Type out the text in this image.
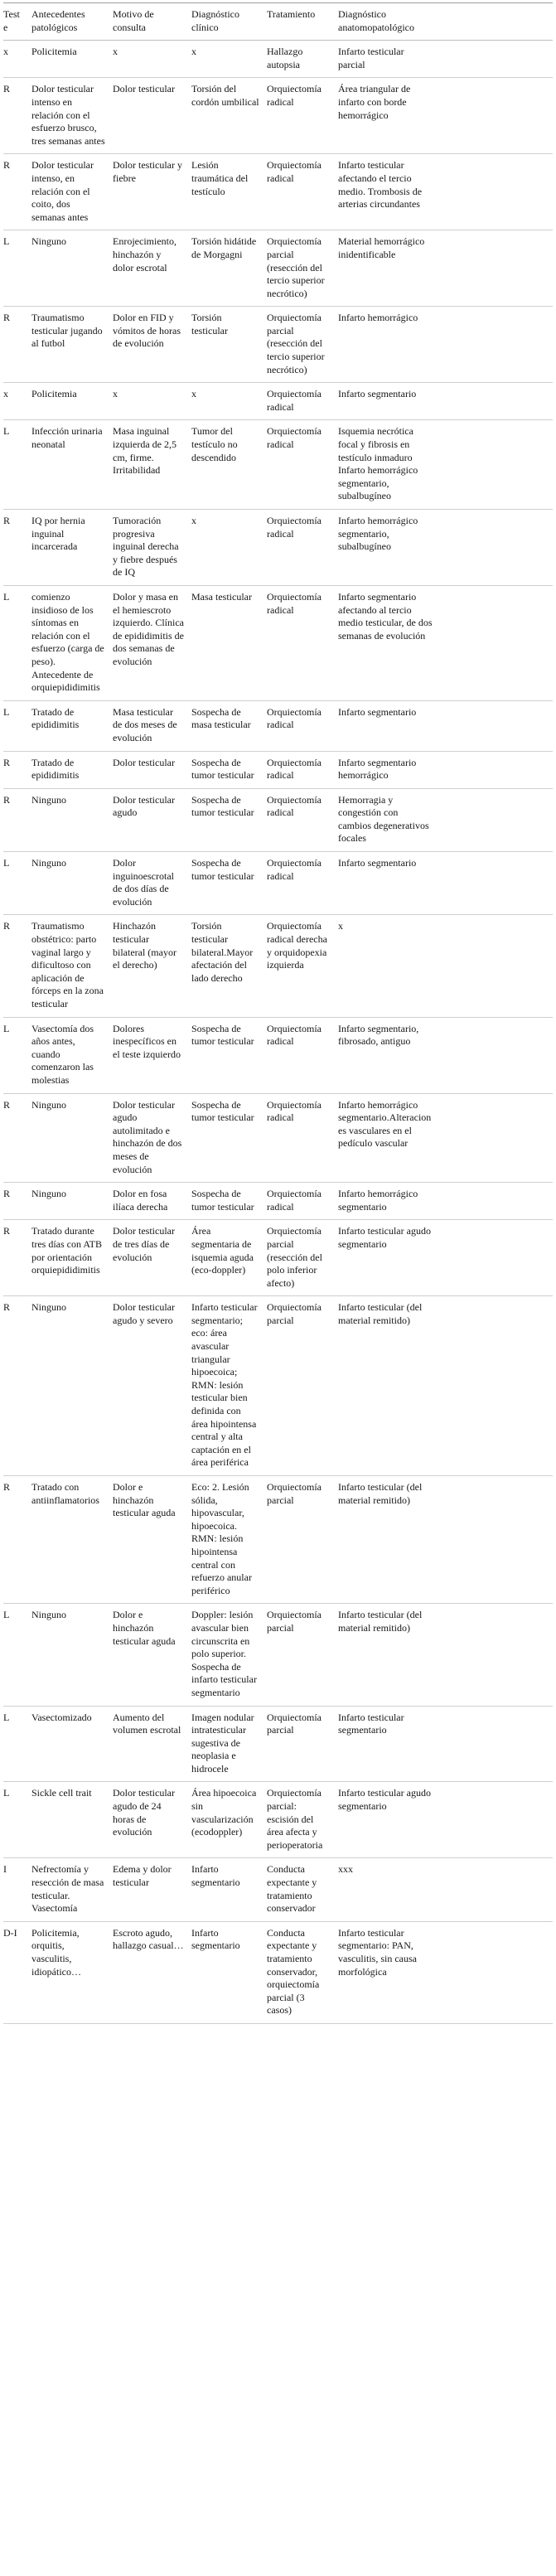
Teste	Antecedentes patológicos	Motivo de consulta	Diagnóstico clínico	Tratamiento	Diagnóstico anatomopatológico	
x	Policitemia	x	x	Hallazgo autopsia	Infarto testicular parcial	
R	Dolor testicular intenso en relación con el esfuerzo brusco, tres semanas antes	Dolor testicular	Torsión del cordón umbilical	Orquiectomía radical	Área triangular de infarto con borde hemorrágico	
R	Dolor testicular intenso, en relación con el coito, dos semanas antes	Dolor testicular y fiebre	Lesión traumática del testículo	Orquiectomía radical	Infarto testicular afectando el tercio medio. Trombosis de arterias circundantes	
L	Ninguno	Enrojecimiento, hinchazón y dolor escrotal	Torsión hidátide de Morgagni	Orquiectomía parcial (resección del tercio superior necrótico)	Material hemorrágico inidentificable	
R	Traumatismo testicular jugando al futbol	Dolor en FID y vómitos de horas de evolución	Torsión testicular	Orquiectomía parcial (resección del tercio superior necrótico)	Infarto hemorrágico	
x	Policitemia	x	x	Orquiectomía radical	Infarto segmentario	
L	Infección urinaria neonatal	Masa inguinal izquierda de 2,5 cm, firme. Irritabilidad	Tumor del testículo no descendido	Orquiectomía radical	Isquemia necrótica focal y fibrosis en testículo inmaduro Infarto hemorrágico segmentario, subalbugíneo	
R	IQ por hernia inguinal incarcerada	Tumoración progresiva inguinal derecha y fiebre después de IQ	x	Orquiectomía radical	Infarto hemorrágico segmentario, subalbugíneo	
L	comienzo insidioso de los síntomas en relación con el esfuerzo (carga de peso). Antecedente de orquiepididimitis	Dolor y masa en el hemiescroto izquierdo. Clínica de epididimitis de dos semanas de evolución	Masa testicular	Orquiectomía radical	Infarto segmentario afectando al tercio medio testicular, de dos semanas de evolución	
L	Tratado de epididimitis	Masa testicular de dos meses de evolución	Sospecha de masa testicular	Orquiectomía radical	Infarto segmentario	
R	Tratado de epididimitis	Dolor testicular	Sospecha de tumor testicular	Orquiectomía radical	Infarto segmentario hemorrágico	
R	Ninguno	Dolor testicular agudo	Sospecha de tumor testicular	Orquiectomía radical	Hemorragia y congestión con cambios degenerativos focales	
L	Ninguno	Dolor inguinoescrotal de dos días de evolución	Sospecha de tumor testicular	Orquiectomía radical	Infarto segmentario	
R	Traumatismo obstétrico: parto vaginal largo y dificultoso con aplicación de fórceps en la zona testicular	Hinchazón testicular bilateral (mayor el derecho)	Torsión testicular bilateral.Mayor afectación del lado derecho	Orquiectomía radical derecha y orquidopexia izquierda	x	
L	Vasectomía dos años antes, cuando comenzaron las molestias	Dolores inespecíficos en el teste izquierdo	Sospecha de tumor testicular	Orquiectomía radical	Infarto segmentario, fibrosado, antiguo	
R	Ninguno	Dolor testicular agudo autolimitado e hinchazón de dos meses de evolución	Sospecha de tumor testicular	Orquiectomía radical	Infarto hemorrágico segmentario.Alteraciones vasculares en el pedículo vascular	
R	Ninguno	Dolor en fosa ilíaca derecha	Sospecha de tumor testicular	Orquiectomía radical	Infarto hemorrágico segmentario	
R	Tratado durante tres días con ATB por orientación orquiepididimitis	Dolor testicular de tres días de evolución	Área segmentaria de isquemia aguda (eco-doppler)	Orquiectomía parcial (resección del polo inferior afecto)	Infarto testicular agudo segmentario	
R	Ninguno	Dolor testicular agudo y severo	Infarto testicular segmentario; eco: área avascular triangular hipoecoica; RMN: lesión testicular bien definida con área hipointensa central y alta captación en el área periférica	Orquiectomía parcial	Infarto testicular (del material remitido)	
R	Tratado con antiinflamatorios	Dolor e hinchazón testicular aguda	Eco: 2. Lesión sólida, hipovascular, hipoecoica. RMN: lesión hipointensa central con refuerzo anular periférico	Orquiectomía parcial	Infarto testicular (del material remitido)	
L	Ninguno	Dolor e hinchazón testicular aguda	Doppler: lesión avascular bien circunscrita en polo superior. Sospecha de infarto testicular segmentario	Orquiectomía parcial	Infarto testicular (del material remitido)	
L	Vasectomizado	Aumento del volumen escrotal	Imagen nodular intratesticular sugestiva de neoplasia e hidrocele	Orquiectomía parcial	Infarto testicular segmentario	
L	Sickle cell trait	Dolor testicular agudo de 24 horas de evolución	Área hipoecoica sin vascularización (ecodoppler)	Orquiectomía parcial: escisión del área afecta y perioperatoria	Infarto testicular agudo segmentario	
I	Nefrectomía y resección de masa testicular. Vasectomía	Edema y dolor testicular	Infarto segmentario	Conducta expectante y tratamiento conservador	xxx	
D-I	Policitemia, orquitis, vasculitis, idiopático…	Escroto agudo, hallazgo casual…	Infarto segmentario	Conducta expectante y tratamiento conservador, orquiectomía parcial (3 casos)	Infarto testicular segmentario: PAN, vasculitis, sin causa morfológica	
